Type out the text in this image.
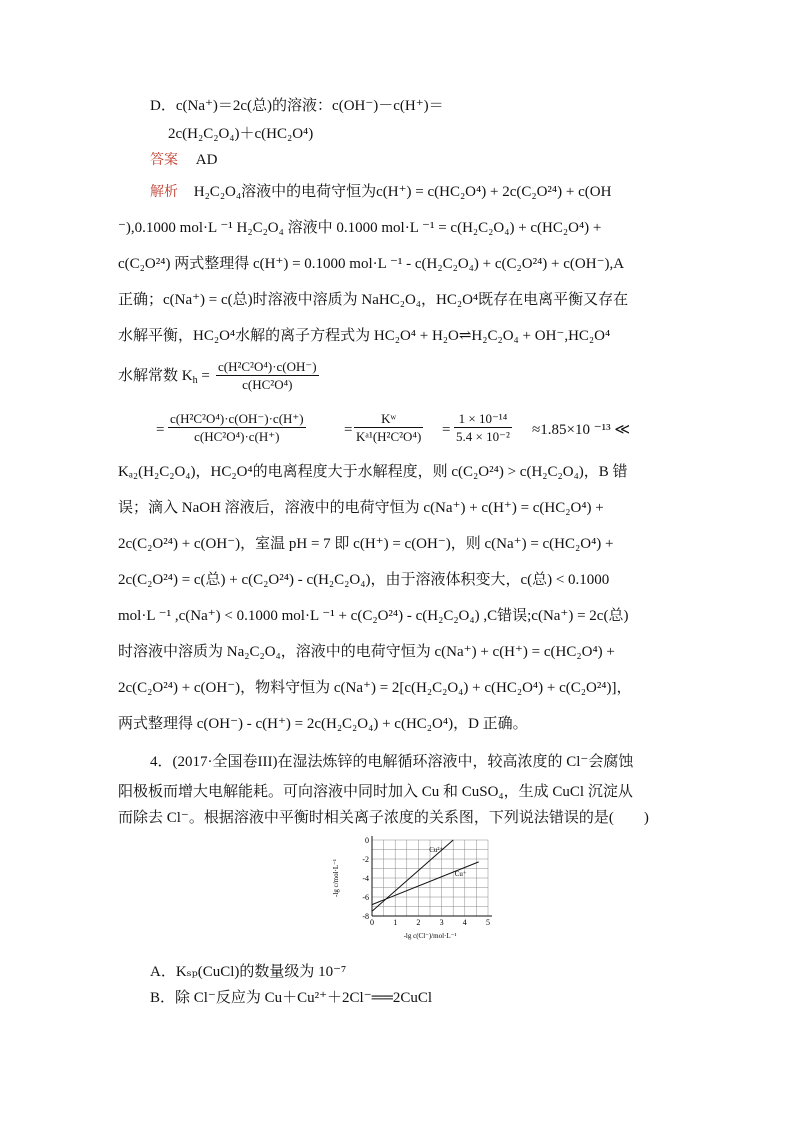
D．c(Na⁺)＝2c(总)的溶液：c(OH⁻)－c(H⁺)＝
2c(H₂C₂O₄)＋c(HC₂O⁴)
答案 AD
解析 H₂C₂O₄溶液中的电荷守恒为c(H⁺) = c(HC₂O⁴) + 2c(C₂O²⁴) + c(OH
⁻),0.1000 mol·L ⁻¹ H₂C₂O₄ 溶液中 0.1000 mol·L ⁻¹ = c(H₂C₂O₄) + c(HC₂O⁴) +
c(C₂O²⁴) 两式整理得 c(H⁺) = 0.1000 mol·L ⁻¹ - c(H₂C₂O₄) + c(C₂O²⁴) + c(OH⁻),A
正确；c(Na⁺) = c(总)时溶液中溶质为 NaHC₂O₄，HC₂O⁴既存在电离平衡又存在
水解平衡，HC₂O⁴水解的离子方程式为 HC₂O⁴ + H₂O⇌H₂C₂O₄ + OH⁻,HC₂O⁴
水解常数 $K_h = \frac{\text{c(H²C²O⁴)·c(OH⁻)}}{\text{c(HC²O⁴)}}$
= $\frac{\text{c(H²C²O⁴)·c(OH⁻)·c(H⁺)}}{\text{c(HC²O⁴)·c(H⁺)}}$	= $\frac{\text{Kʷ}}{\text{Kᵃ¹(H²C²O⁴)}} = \frac{\text{1 × 10⁻¹⁴}}{\text{5.4 × 10⁻²}} \approx 1.85\times 10$ ⁻¹³ ≪
Kₐ₂(H₂C₂O₄)，HC₂O⁴的电离程度大于水解程度，则 c(C₂O²⁴) > c(H₂C₂O₄)，B 错
误；滴入 NaOH 溶液后，溶液中的电荷守恒为 c(Na⁺) + c(H⁺) = c(HC₂O⁴) +
2c(C₂O²⁴) + c(OH⁻)，室温 pH = 7 即 c(H⁺) = c(OH⁻)，则 c(Na⁺) = c(HC₂O⁴) +
2c(C₂O²⁴) = c(总) + c(C₂O²⁴) - c(H₂C₂O₄)，由于溶液体积变大，c(总) < 0.1000
mol·L ⁻¹ ,c(Na⁺) < 0.1000 mol·L ⁻¹ + c(C₂O²⁴) - c(H₂C₂O₄) ,C错误;c(Na⁺) = 2c(总)
时溶液中溶质为 Na₂C₂O₄，溶液中的电荷守恒为 c(Na⁺) + c(H⁺) = c(HC₂O⁴) +
2c(C₂O²⁴) + c(OH⁻)，物料守恒为 c(Na⁺) = 2[c(H₂C₂O₄) + c(HC₂O⁴) + c(C₂O²⁴)]，
两式整理得 c(OH⁻) - c(H⁺) = 2c(H₂C₂O₄) + c(HC₂O⁴)，D 正确。
4．(2017·全国卷III)在湿法炼锌的电解循环溶液中，较高浓度的 Cl⁻会腐蚀
阳极板而增大电解能耗。可向溶液中同时加入 Cu 和 CuSO₄，生成 CuCl 沉淀从
而除去 Cl⁻。根据溶液中平衡时相关离子浓度的关系图，下列说法错误的是(　　)
0 1 2 3 4 5
0
-2
-4
-6
-8
Cu²⁺
Cu⁺
-lg c(Cl⁻)/mol·L⁻¹
-lg c/mol·L⁻¹
A．Kₛₚ(CuCl)的数量级为 10⁻⁷
B．除 Cl⁻反应为 Cu＋Cu²⁺＋2Cl⁻══2CuCl
